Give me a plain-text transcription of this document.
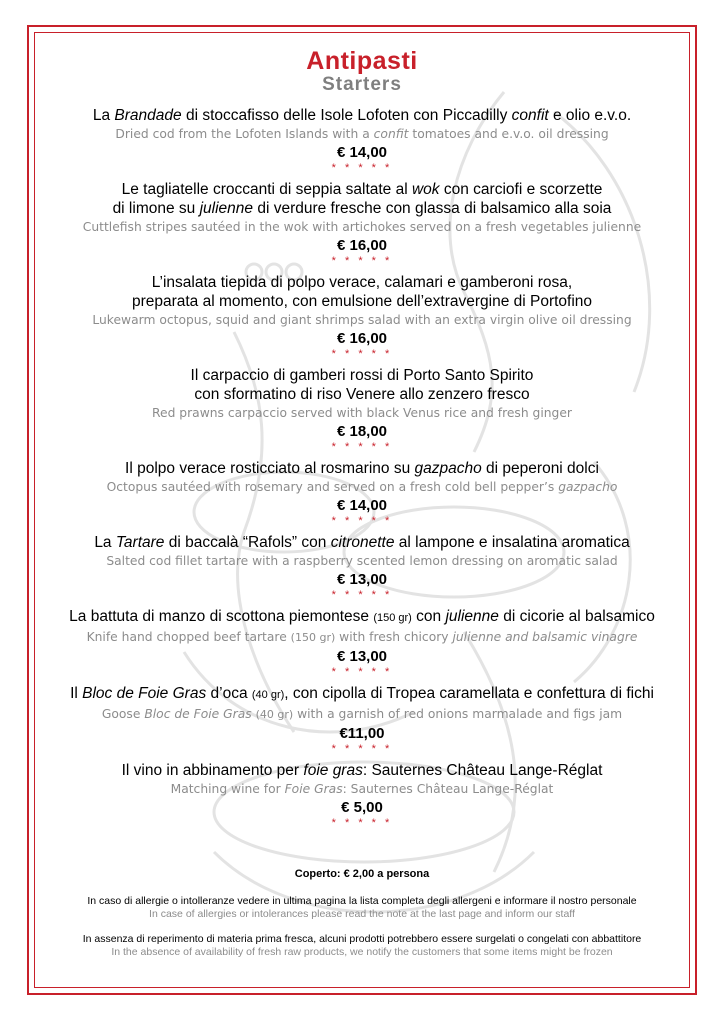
Antipasti
Starters
La Brandade di stoccafisso delle Isole Lofoten con Piccadilly confit e olio e.v.o.
Dried cod from the Lofoten Islands with a confit tomatoes and e.v.o. oil dressing
€ 14,00
* * * * *
Le tagliatelle croccanti di seppia saltate al wok con carciofi e scorzette
di limone su julienne di verdure fresche con glassa di balsamico alla soia
Cuttlefish stripes sautéed in the wok with artichokes served on a fresh vegetables julienne
€ 16,00
* * * * *
L’insalata tiepida di polpo verace, calamari e gamberoni rosa,
preparata al momento, con emulsione dell’extravergine di Portofino
Lukewarm octopus, squid and giant shrimps salad with an extra virgin olive oil dressing
€ 16,00
* * * * *
Il carpaccio di gamberi rossi di Porto Santo Spirito
con sformatino di riso Venere allo zenzero fresco
Red prawns carpaccio served with black Venus rice and fresh ginger
€ 18,00
* * * * *
Il polpo verace rosticciato al rosmarino su gazpacho di peperoni dolci
Octopus sautéed with rosemary and served on a fresh cold bell pepper’s gazpacho
€ 14,00
* * * * *
La Tartare di baccalà “Rafols” con citronette al lampone e insalatina aromatica
Salted cod fillet tartare with a raspberry scented lemon dressing on aromatic salad
€ 13,00
* * * * *
La battuta di manzo di scottona piemontese (150 gr) con julienne di cicorie al balsamico
Knife hand chopped beef tartare (150 gr) with fresh chicory julienne and balsamic vinagre
€ 13,00
* * * * *
Il Bloc de Foie Gras d’oca (40 gr), con cipolla di Tropea caramellata e confettura di fichi
Goose Bloc de Foie Gras (40 gr) with a garnish of red onions marmalade and figs jam
€11,00
* * * * *
Il vino in abbinamento per foie gras: Sauternes Château Lange-Réglat
Matching wine for Foie Gras: Sauternes Château Lange-Réglat
€ 5,00
* * * * *
Coperto: € 2,00 a persona
In caso di allergie o intolleranze vedere in ultima pagina la lista completa degli allergeni e informare il nostro personale
In case of allergies or intolerances please read the note at the last page and inform our staff
In assenza di reperimento di materia prima fresca, alcuni prodotti potrebbero essere surgelati o congelati con abbattitore
In the absence of availability of fresh raw products, we notify the customers that some items might be frozen
